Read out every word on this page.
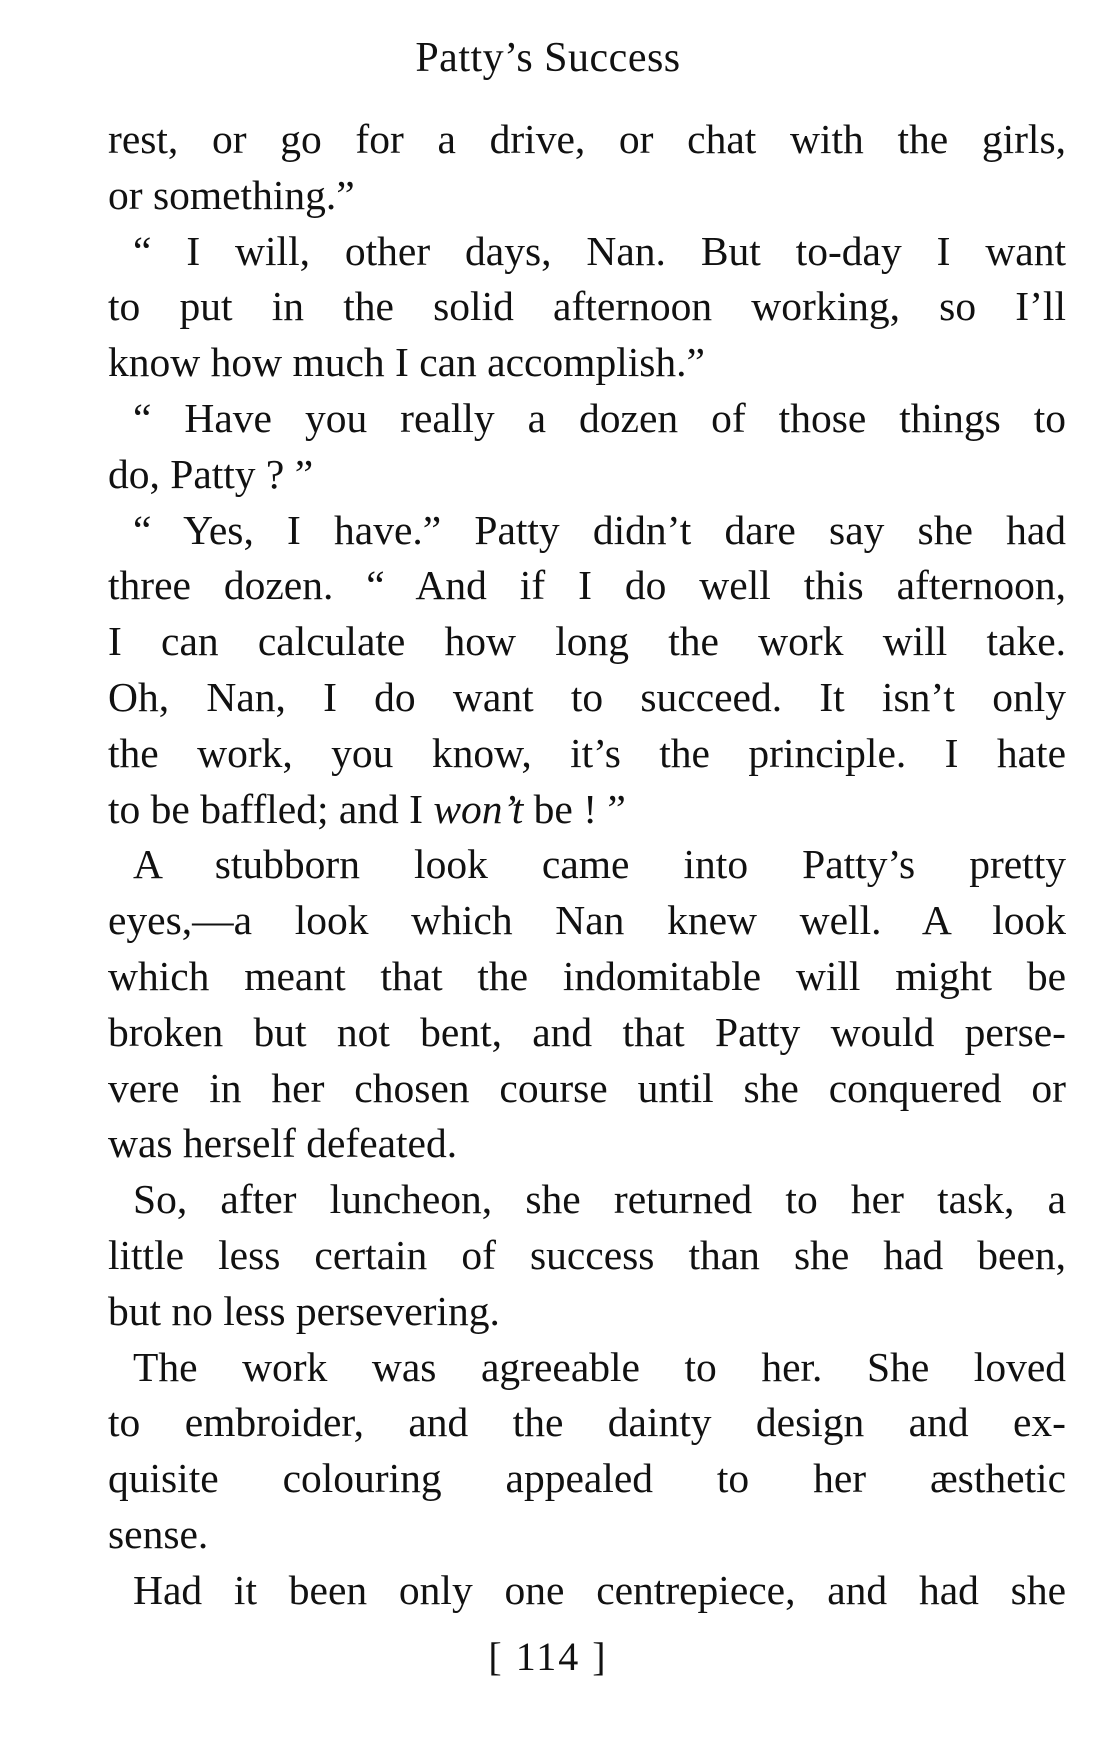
Patty’s Success
rest, or go for a drive, or chat with the girls,
or something.”
“ I will, other days, Nan. But to-day I want
to put in the solid afternoon working, so I’ll
know how much I can accomplish.”
“ Have you really a dozen of those things to
do, Patty ? ”
“ Yes, I have.” Patty didn’t dare say she had
three dozen. “ And if I do well this afternoon,
I can calculate how long the work will take.
Oh, Nan, I do want to succeed. It isn’t only
the work, you know, it’s the principle. I hate
to be baffled; and I won’t be ! ”
A stubborn look came into Patty’s pretty
eyes,—a look which Nan knew well. A look
which meant that the indomitable will might be
broken but not bent, and that Patty would perse-
vere in her chosen course until she conquered or
was herself defeated.
So, after luncheon, she returned to her task, a
little less certain of success than she had been,
but no less persevering.
The work was agreeable to her. She loved
to embroider, and the dainty design and ex-
quisite colouring appealed to her æsthetic
sense.
Had it been only one centrepiece, and had she
[ 114 ]
